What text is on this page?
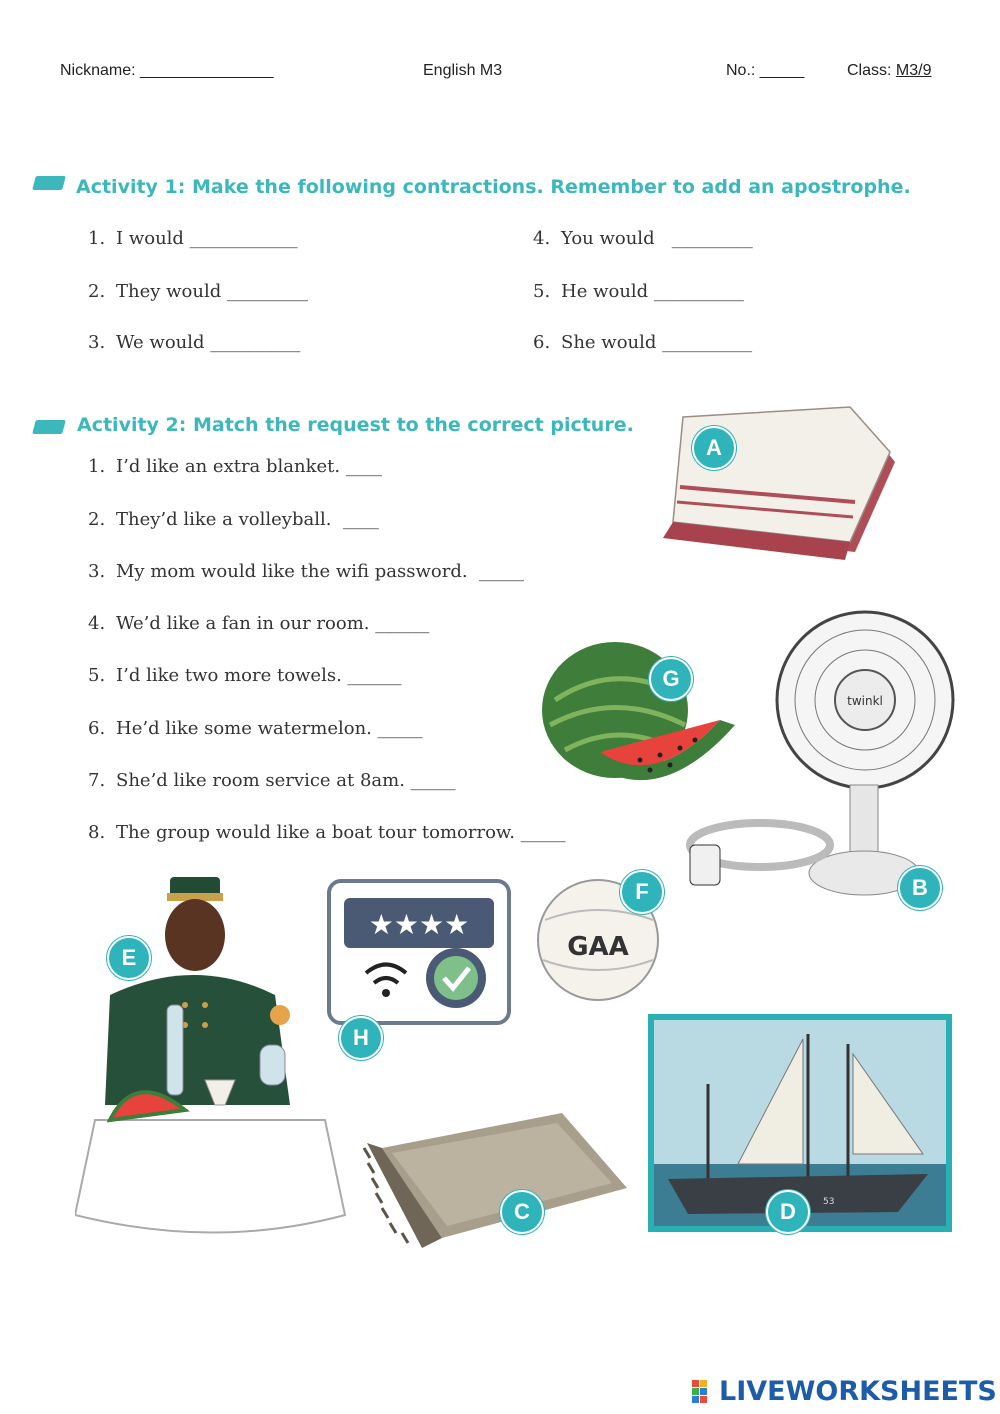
Nickname: _______________	English M3	No.: _____	Class: M3/9
Activity 1: Make the following contractions. Remember to add an apostrophe.
1. I would ____________
2. They would _________
3. We would __________
4. You would   _________
5. He would __________
6. She would __________
Activity 2: Match the request to the correct picture.
1. I’d like an extra blanket. ____
2. They’d like a volleyball.  ____
3. My mom would like the wifi password.  _____
4. We’d like a fan in our room. ______
5. I’d like two more towels. ______
6. He’d like some watermelon. _____
7. She’d like room service at 8am. _____
8. The group would like a boat tour tomorrow. _____
A
G
twinkl
B
★★★★
H
GAA
F
E
C	53
D
LIVEWORKSHEETS
